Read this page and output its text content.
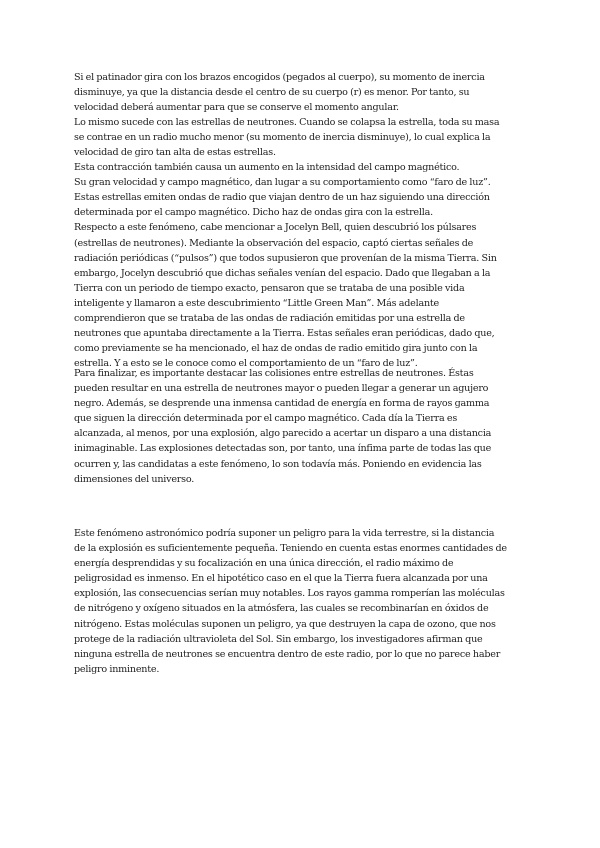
Si el patinador gira con los brazos encogidos (pegados al cuerpo), su momento de inercia
disminuye, ya que la distancia desde el centro de su cuerpo (r) es menor. Por tanto, su
velocidad deberá aumentar para que se conserve el momento angular.
Lo mismo sucede con las estrellas de neutrones. Cuando se colapsa la estrella, toda su masa
se contrae en un radio mucho menor (su momento de inercia disminuye), lo cual explica la
velocidad de giro tan alta de estas estrellas.
Esta contracción también causa un aumento en la intensidad del campo magnético.
Su gran velocidad y campo magnético, dan lugar a su comportamiento como “faro de luz”.
Estas estrellas emiten ondas de radio que viajan dentro de un haz siguiendo una dirección
determinada por el campo magnético. Dicho haz de ondas gira con la estrella.
Respecto a este fenómeno, cabe mencionar a Jocelyn Bell, quien descubrió los púlsares
(estrellas de neutrones). Mediante la observación del espacio, captó ciertas señales de
radiación periódicas (“pulsos”) que todos supusieron que provenían de la misma Tierra. Sin
embargo, Jocelyn descubrió que dichas señales venían del espacio. Dado que llegaban a la
Tierra con un periodo de tiempo exacto, pensaron que se trataba de una posible vida
inteligente y llamaron a este descubrimiento “Little Green Man”. Más adelante
comprendieron que se trataba de las ondas de radiación emitidas por una estrella de
neutrones que apuntaba directamente a la Tierra. Estas señales eran periódicas, dado que,
como previamente se ha mencionado, el haz de ondas de radio emitido gira junto con la
estrella. Y a esto se le conoce como el comportamiento de un “faro de luz”.
Para finalizar, es importante destacar las colisiones entre estrellas de neutrones. Éstas
pueden resultar en una estrella de neutrones mayor o pueden llegar a generar un agujero
negro. Además, se desprende una inmensa cantidad de energía en forma de rayos gamma
que siguen la dirección determinada por el campo magnético. Cada día la Tierra es
alcanzada, al menos, por una explosión, algo parecido a acertar un disparo a una distancia
inimaginable. Las explosiones detectadas son, por tanto, una ínfima parte de todas las que
ocurren y, las candidatas a este fenómeno, lo son todavía más. Poniendo en evidencia las
dimensiones del universo.
Este fenómeno astronómico podría suponer un peligro para la vida terrestre, si la distancia
de la explosión es suficientemente pequeña. Teniendo en cuenta estas enormes cantidades de
energía desprendidas y su focalización en una única dirección, el radio máximo de
peligrosidad es inmenso. En el hipotético caso en el que la Tierra fuera alcanzada por una
explosión, las consecuencias serían muy notables. Los rayos gamma romperían las moléculas
de nitrógeno y oxígeno situados en la atmósfera, las cuales se recombinarían en óxidos de
nitrógeno. Estas moléculas suponen un peligro, ya que destruyen la capa de ozono, que nos
protege de la radiación ultravioleta del Sol. Sin embargo, los investigadores afirman que
ninguna estrella de neutrones se encuentra dentro de este radio, por lo que no parece haber
peligro inminente.
